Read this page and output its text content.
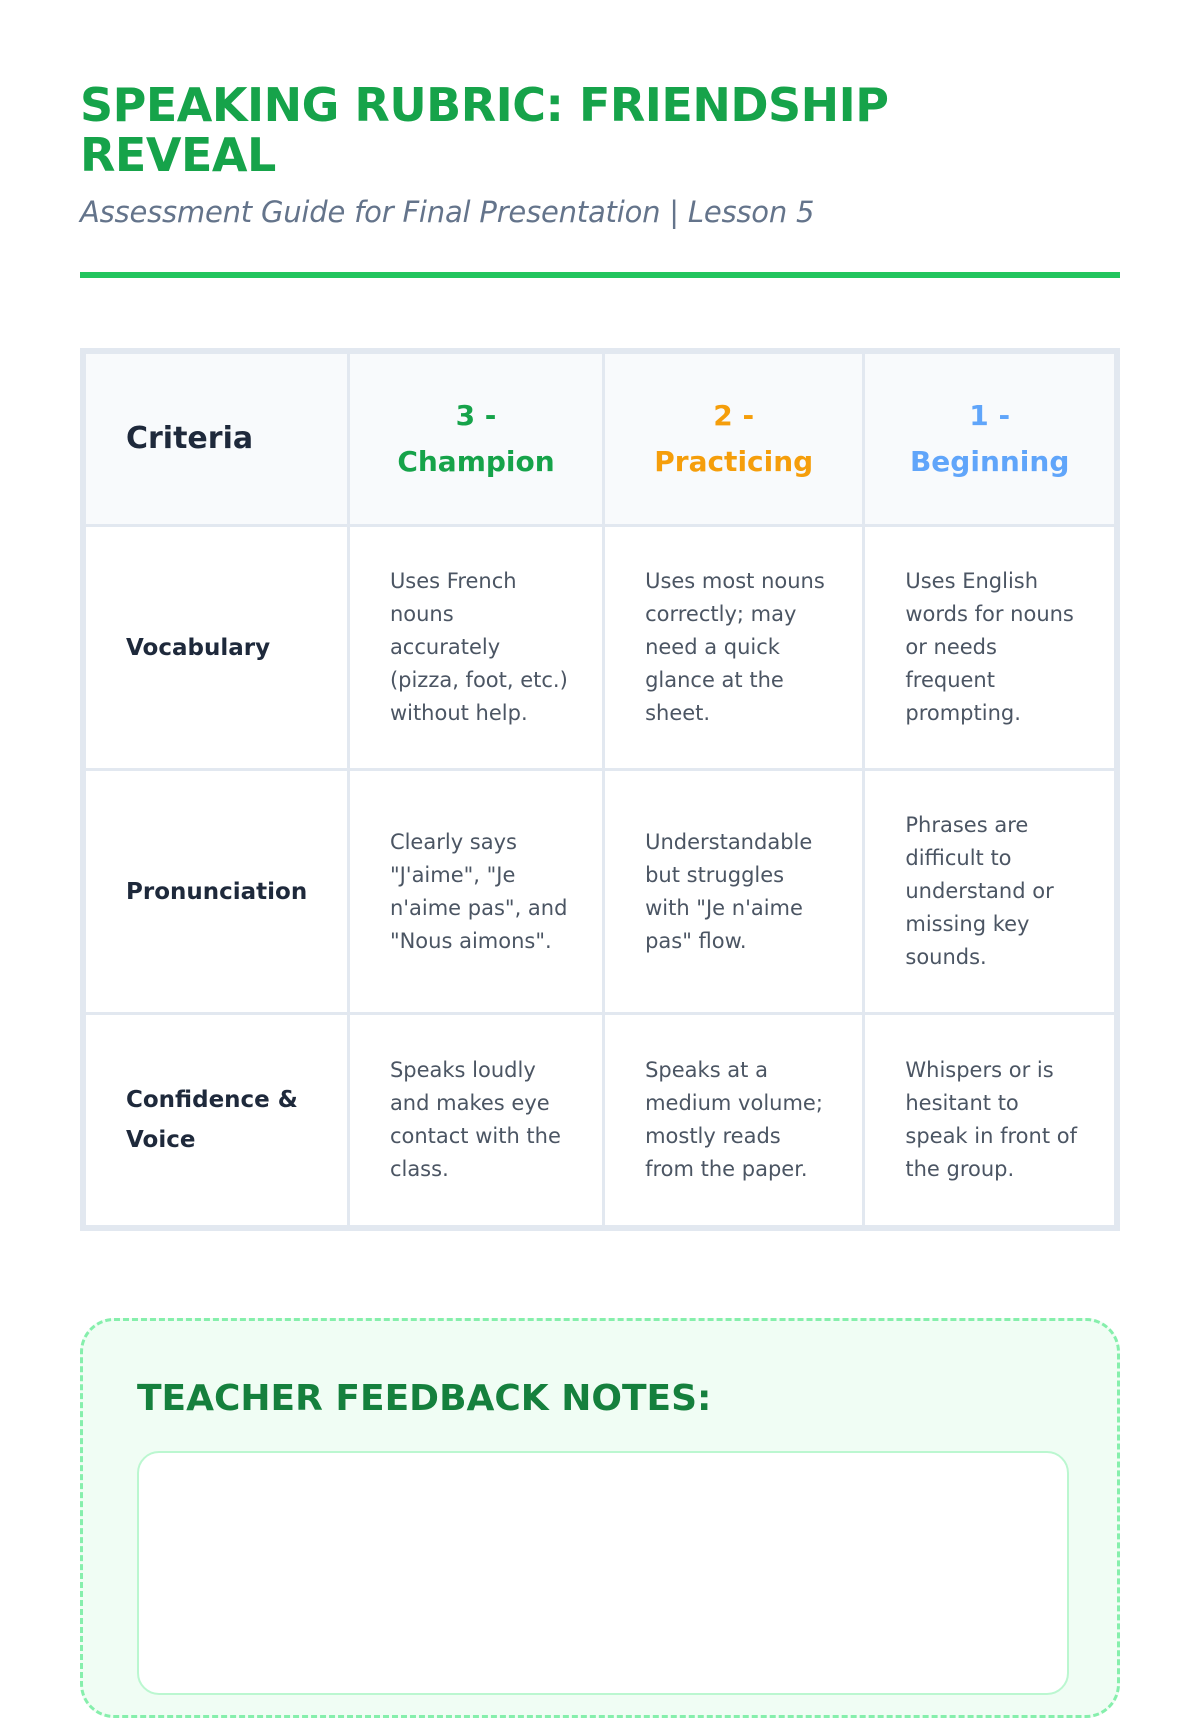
SPEAKING RUBRIC: FRIENDSHIP REVEAL
Assessment Guide for Final Presentation | Lesson 5
Criteria	3 - Champion	2 - Practicing	1 - Beginning
Vocabulary	Uses French nouns accurately (pizza, foot, etc.) without help.	Uses most nouns correctly; may need a quick glance at the sheet.	Uses English words for nouns or needs frequent prompting.
Pronunciation	Clearly says "J'aime", "Je n'aime pas", and "Nous aimons".	Understandable but struggles with "Je n'aime pas" flow.	Phrases are difficult to understand or missing key sounds.
Confidence & Voice	Speaks loudly and makes eye contact with the class.	Speaks at a medium volume; mostly reads from the paper.	Whispers or is hesitant to speak in front of the group.
TEACHER FEEDBACK NOTES:
